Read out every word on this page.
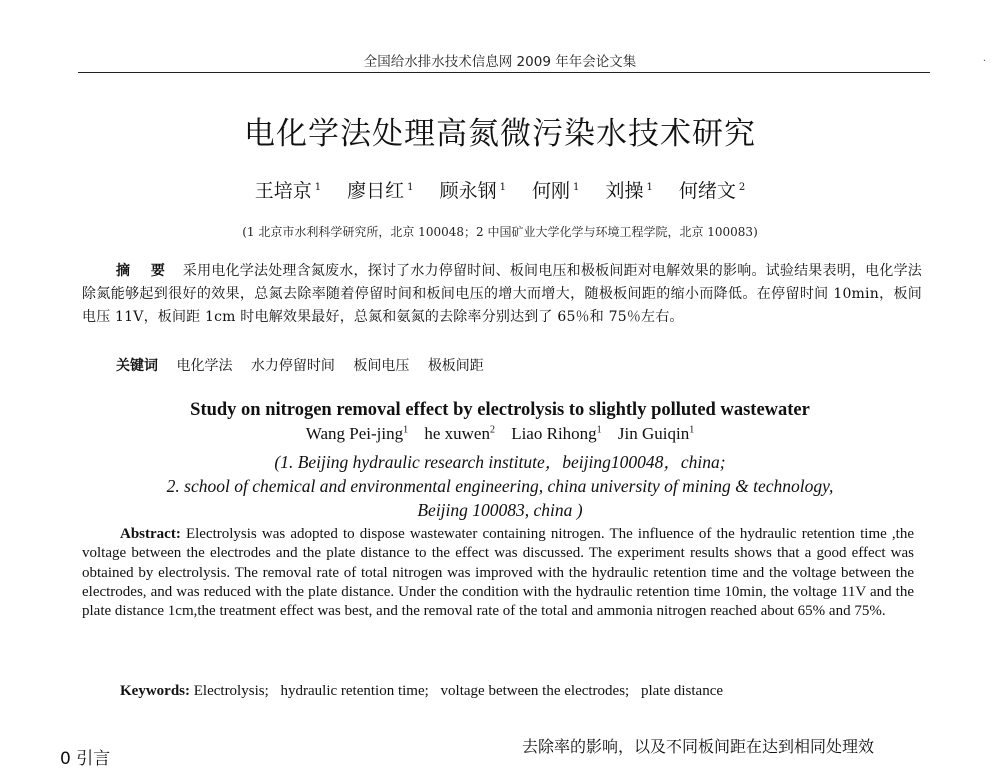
全国给水排水技术信息网 2009 年年会论文集	·
电化学法处理高氮微污染水技术研究
王培京 $^1$ 廖日红 $^1$ 顾永钢 $^1$ 何刚 $^1$ 刘操 $^1$ 何绪文 $^2$
(1 北京市水利科学研究所，北京 100048；2 中国矿业大学化学与环境工程学院，北京 100083)
摘 要 采用电化学法处理含氮废水，探讨了水力停留时间、板间电压和极板间距对电解效果的影响。试验结果表明，电化学法除氮能够起到很好的效果，总氮去除率随着停留时间和板间电压的增大而增大，随极板间距的缩小而降低。在停留时间 10min，板间电压 11V，板间距 1cm 时电解效果最好，总氮和氨氮的去除率分别达到了 65％和 75％左右。
关键词 电化学法 水力停留时间 板间电压 极板间距
Study on nitrogen removal effect by electrolysis to slightly polluted wastewater
Wang Pei-jing$^1$ he xuwen$^2$ Liao Rihong$^1$ Jin Guiqin$^1$
(1. Beijing hydraulic research institute，beijing100048，china;
2. school of chemical and environmental engineering, china university of mining & technology,
Beijing 100083, china )
Abstract: Electrolysis was adopted to dispose wastewater containing nitrogen. The influence of the hydraulic retention time ,the voltage between the electrodes and the plate distance to the effect was discussed. The experiment results shows that a good effect was obtained by electrolysis. The removal rate of total nitrogen was improved with the hydraulic retention time and the voltage between the electrodes, and was reduced with the plate distance. Under the condition with the hydraulic retention time 10min, the voltage 11V and the plate distance 1cm,the treatment effect was best, and the removal rate of the total and ammonia nitrogen reached about 65% and 75%.
Keywords: Electrolysis; hydraulic retention time; voltage between the electrodes; plate distance
0 引言
去除率的影响，以及不同板间距在达到相同处理效
